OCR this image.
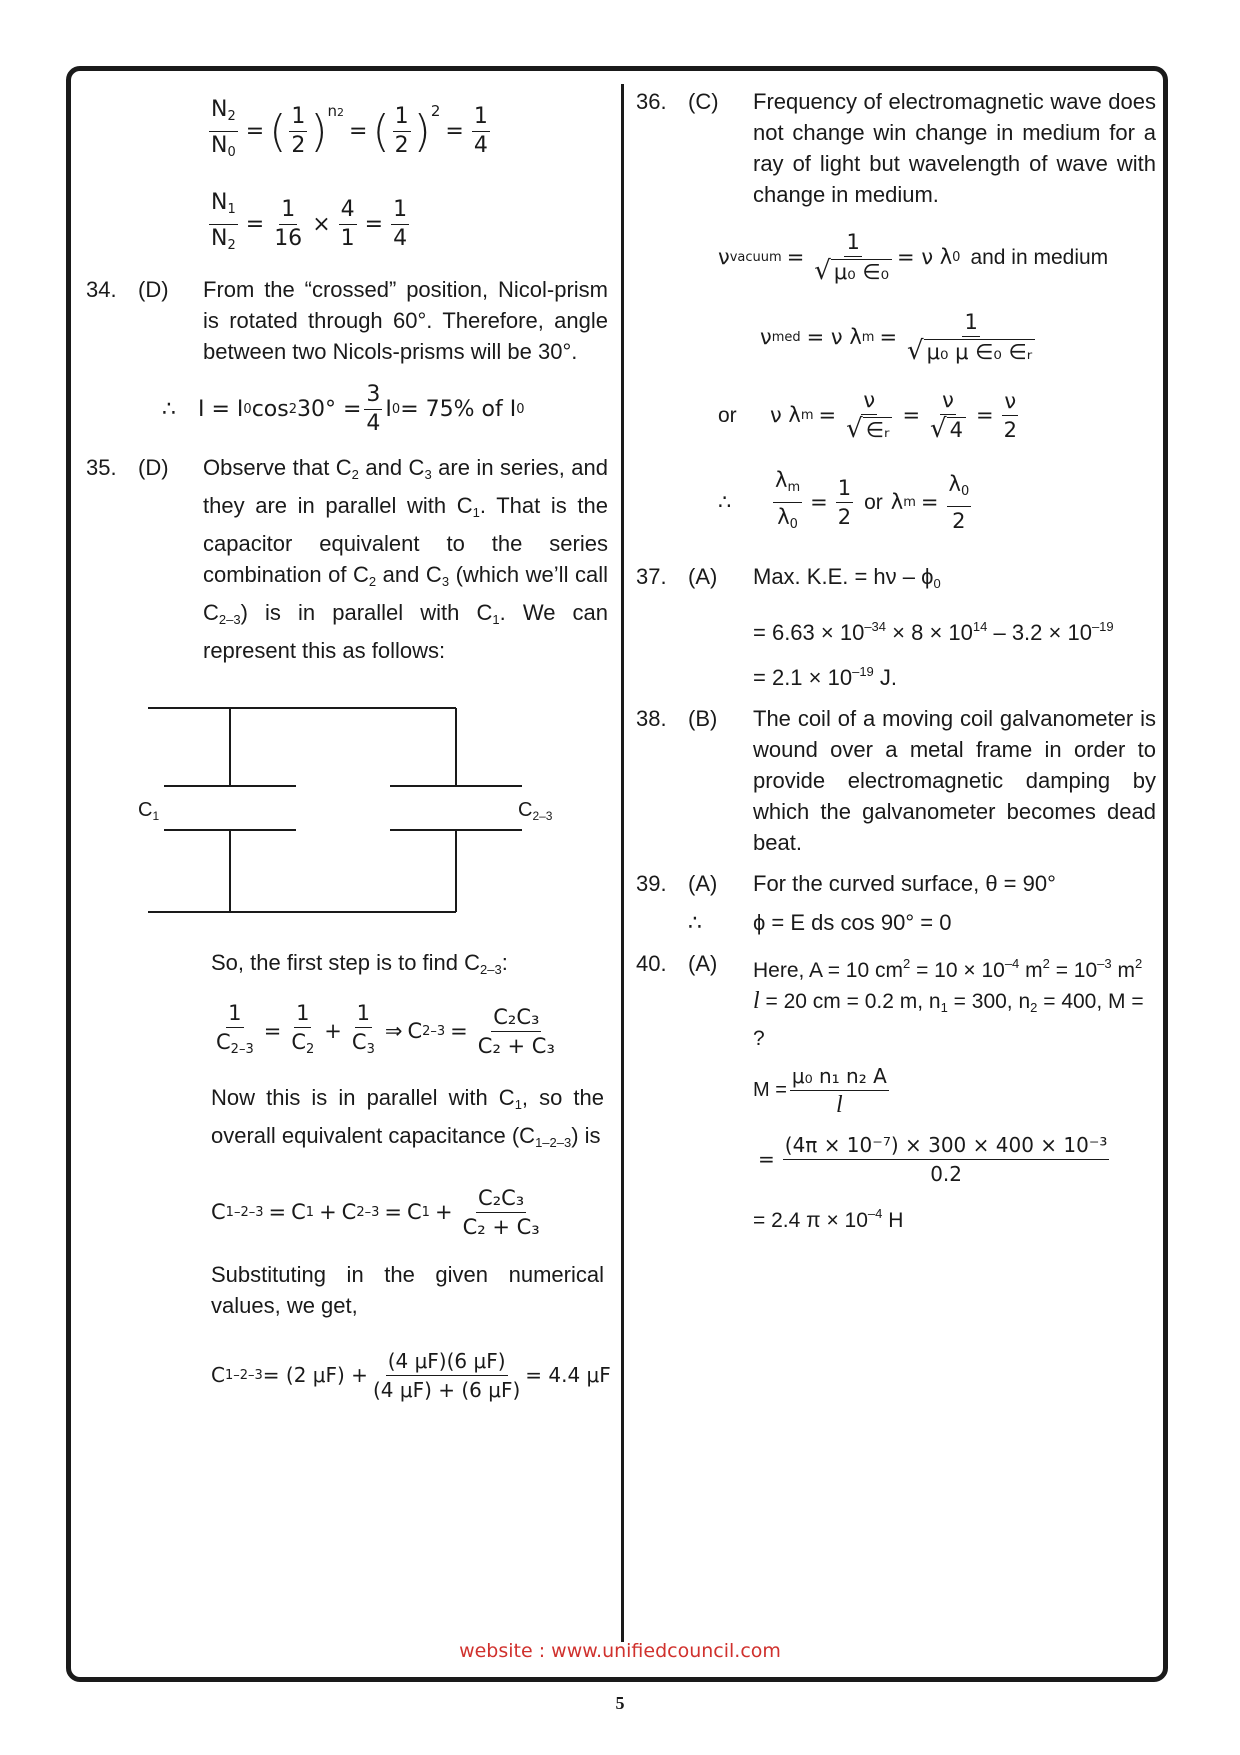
$\frac{N_2}{N_0}$ = ( $\frac{1}{2}$ ) n2
= ( $\frac{1}{2}$ ) 2
= $\frac{1}{4}$
$\frac{N_1}{N_2} = \frac{1}{16} \times \frac{4}{1} = \frac{1}{4}$
34. (D)	From the “crossed” position, Nicol-prism is rotated through 60°. Therefore, angle between two Nicols-prisms will be 30°.
∴ I = I 0 cos 2 $30^\circ = \frac{3}{4}$ I 0 = 75% of I 0
35. (D)	Observe that $C_2$ and $C_3$ are in series, and they are in parallel with $C_1$. That is the capacitor equivalent to the series combination of $C_2$ and $C_3$ (which we’ll call $C_{2-3}$) is in parallel with $C_1$. We can represent this as follows:
$C_1$	$C_{2-3}$

So, the first step is to find $C_{2-3}$:

$\frac{1}{C_{2-3}} = \frac{1}{C_2} + \frac{1}{C_3}$ ⇒ C $2-3 = \frac{\text{C₂C₃}}{\text{C₂ + C₃}}$

Now this is in parallel with $C_1$, so the overall equivalent capacitance $(C_{1-2-3})$ is

C 1–2–3 = C 1 + C 2–3 = C $1 + \frac{\text{C₂C₃}}{\text{C₂ + C₃}}$

Substituting in the given numerical values, we get,

C 1–2–3 = (2 $\mu F) + \frac{(4 \mu F)(6 \mu F)}{(4 \mu F) + (6 \mu F)} = 4.4$ μF
36. (C)	Frequency of electromagnetic wave does not change win change in medium for a ray of light but wavelength of wave with change in medium.
ν vacuum = $\frac{1}{\text{√ μ₀ ∈₀}} = \nu$ λ 0 and in medium
ν med = ν λ $m = \frac{1}{\text{√ μ₀ μ ∈₀ ∈ᵣ}}$
or	ν λ $m = \frac{\nu}{\text{√ ∈ᵣ}} = \frac{\nu}{√ 4} = \frac{\nu}{2}$
∴	$\frac{\lambda_m}{\lambda_0} = \frac{1}{2}$ or λ $m = \frac{\lambda_0}{2}$
37. (A)	Max. K.E. = hν – $\phi_0$
= $6.63 \times 10^{-34} \times 8 \times 10^{14} - 3.2 \times 10^{-19}$
= $2.1 \times 10^{-19}$ J.
38. (B)	The coil of a moving coil galvanometer is wound over a metal frame in order to provide electromagnetic damping by which the galvanometer becomes dead beat.
39. (A)	For the curved surface, θ = 90°
∴	ϕ = E ds cos 90° = 0
40. (A)	Here, A = 10 $cm^2 = 10 \times 10^{-4}$ $m^2 = 10^{-3}$ $m^2$
l = 20 cm = 0.2 m, $n_1 = 300$, $n_2 = 400$, M = ?
$M = \frac{\text{μ₀ n₁ n₂ A}}{l}$
= $\frac{\text{(4π × 10⁻⁷) × 300 × 400 × 10⁻³}}{0.2}$
= 2.4 $\pi \times 10^{-4}$ H
website : www.unifiedcouncil.com
5
